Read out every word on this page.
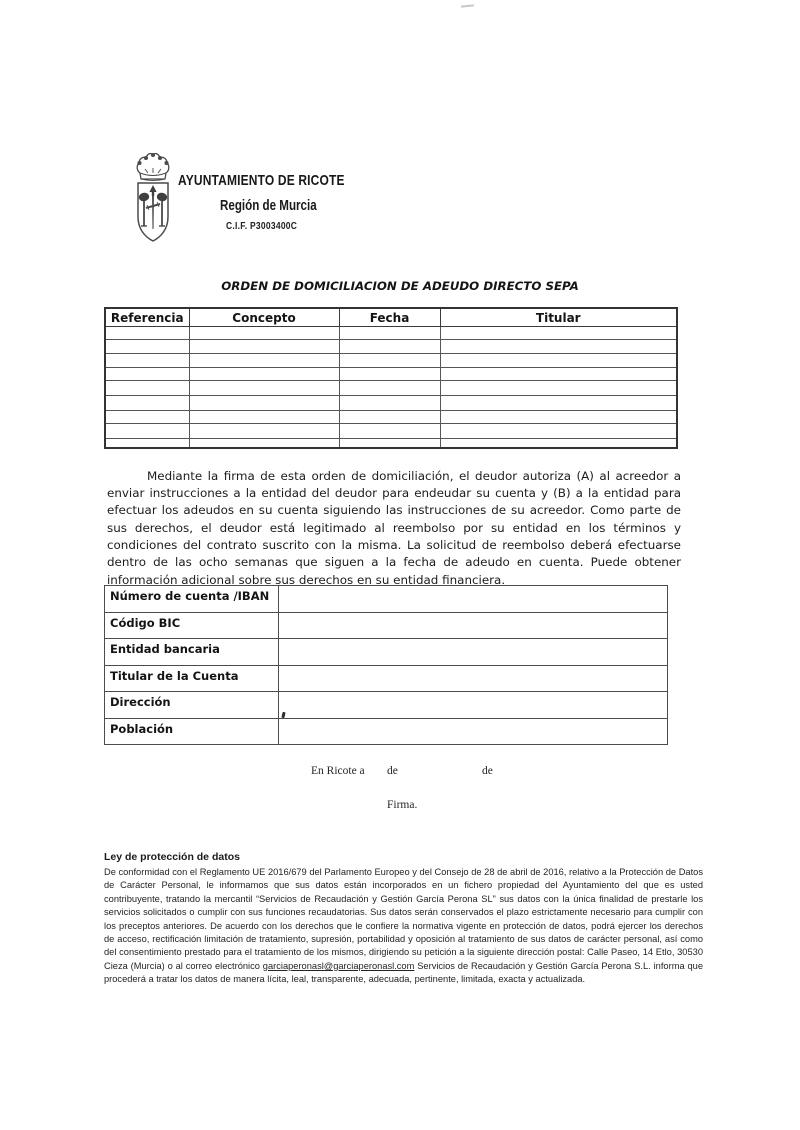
AYUNTAMIENTO DE RICOTE
Región de Murcia
C.I.F. P3003400C
ORDEN DE DOMICILIACION DE ADEUDO DIRECTO SEPA
Referencia	Concepto	Fecha	Titular

Mediante la firma de esta orden de domiciliación, el deudor autoriza (A) al acreedor a enviar instrucciones a la entidad del deudor para endeudar su cuenta y (B) a la entidad para efectuar los adeudos en su cuenta siguiendo las instrucciones de su acreedor. Como parte de sus derechos, el deudor está legitimado al reembolso por su entidad en los términos y condiciones del contrato suscrito con la misma. La solicitud de reembolso deberá efectuarse dentro de las ocho semanas que siguen a la fecha de adeudo en cuenta. Puede obtener información adicional sobre sus derechos en su entidad financiera.

Número de cuenta /IBAN	
Código BIC	
Entidad bancaria	
Titular de la Cuenta	
Dirección	
Población	
En Ricote a de	de
Firma.

Ley de protección de datos

De conformidad con el Reglamento UE 2016/679 del Parlamento Europeo y del Consejo de 28 de abril de 2016, relativo a la Protección de Datos de Carácter Personal, le informamos que sus datos están incorporados en un fichero propiedad del Ayuntamiento del que es usted contribuyente, tratando la mercantil “Servicios de Recaudación y Gestión García Perona SL” sus datos con la única finalidad de prestarle los servicios solicitados o cumplir con sus funciones recaudatorias. Sus datos serán conservados el plazo estrictamente necesario para cumplir con los preceptos anteriores. De acuerdo con los derechos que le confiere la normativa vigente en protección de datos, podrá ejercer los derechos de acceso, rectificación limitación de tratamiento, supresión, portabilidad y oposición al tratamiento de sus datos de carácter personal, así como del consentimiento prestado para el tratamiento de los mismos, dirigiendo su petición a la siguiente dirección postal: Calle Paseo, 14 Etlo, 30530 Cieza (Murcia) o al correo electrónico garciaperonasl@garciaperonasl.com Servicios de Recaudación y Gestión García Perona S.L. informa que procederá a tratar los datos de manera lícita, leal, transparente, adecuada, pertinente, limitada, exacta y actualizada.
